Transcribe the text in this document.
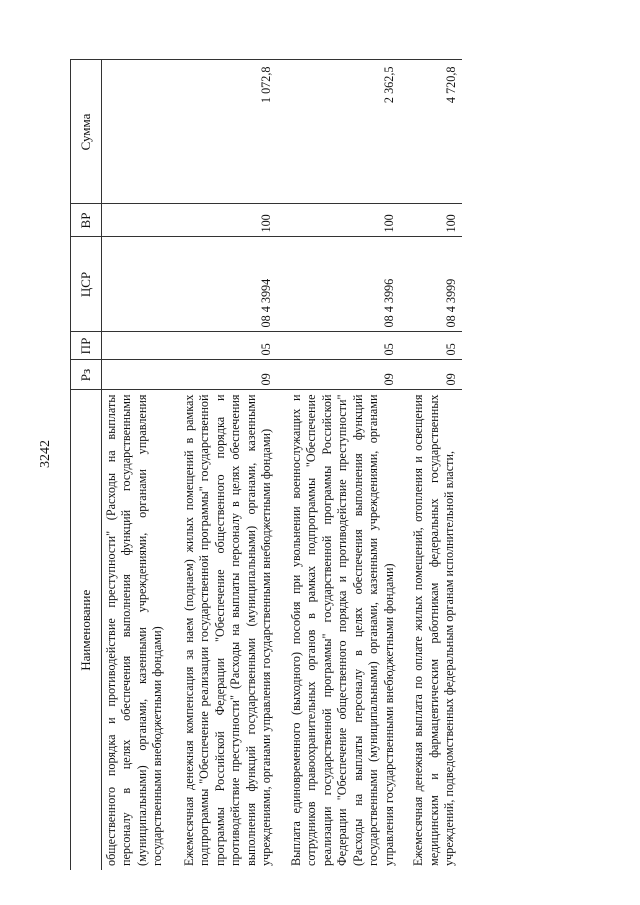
3242
Наименование	Рз	ПР	ЦСР	ВР	Сумма
общественного порядка и противодействие преступности" (Расходы на выплаты персоналу в целях обеспечения выполнения функций государственными (муниципальными) органами, казенными учреждениями, органами управления государственными внебюджетными фондами)					
Ежемесячная денежная компенсация за наем (поднаем) жилых помещений в рамках подпрограммы "Обеспечение реализации государственной программы" государственной программы Российской Федерации "Обеспечение общественного порядка и противодействие преступности" (Расходы на выплаты персоналу в целях обеспечения выполнения функций государственными (муниципальными) органами, казенными учреждениями, органами управления государственными внебюджетными фондами)	09	05	08 4 3994	100	1 072,8
Выплата единовременного (выходного) пособия при увольнении военнослужащих и сотрудников правоохранительных органов в рамках подпрограммы "Обеспечение реализации государственной программы" государственной программы Российской Федерации "Обеспечение общественного порядка и противодействие преступности" (Расходы на выплаты персоналу в целях обеспечения выполнения функций государственными (муниципальными) органами, казенными учреждениями, органами управления государственными внебюджетными фондами)	09	05	08 4 3996	100	2 362,5
Ежемесячная денежная выплата по оплате жилых помещений, отопления и освещения медицинским и фармацевтическим работникам федеральных государственных учреждений, подведомственных федеральным органам исполнительной власти,	09	05	08 4 3999	100	4 720,8
